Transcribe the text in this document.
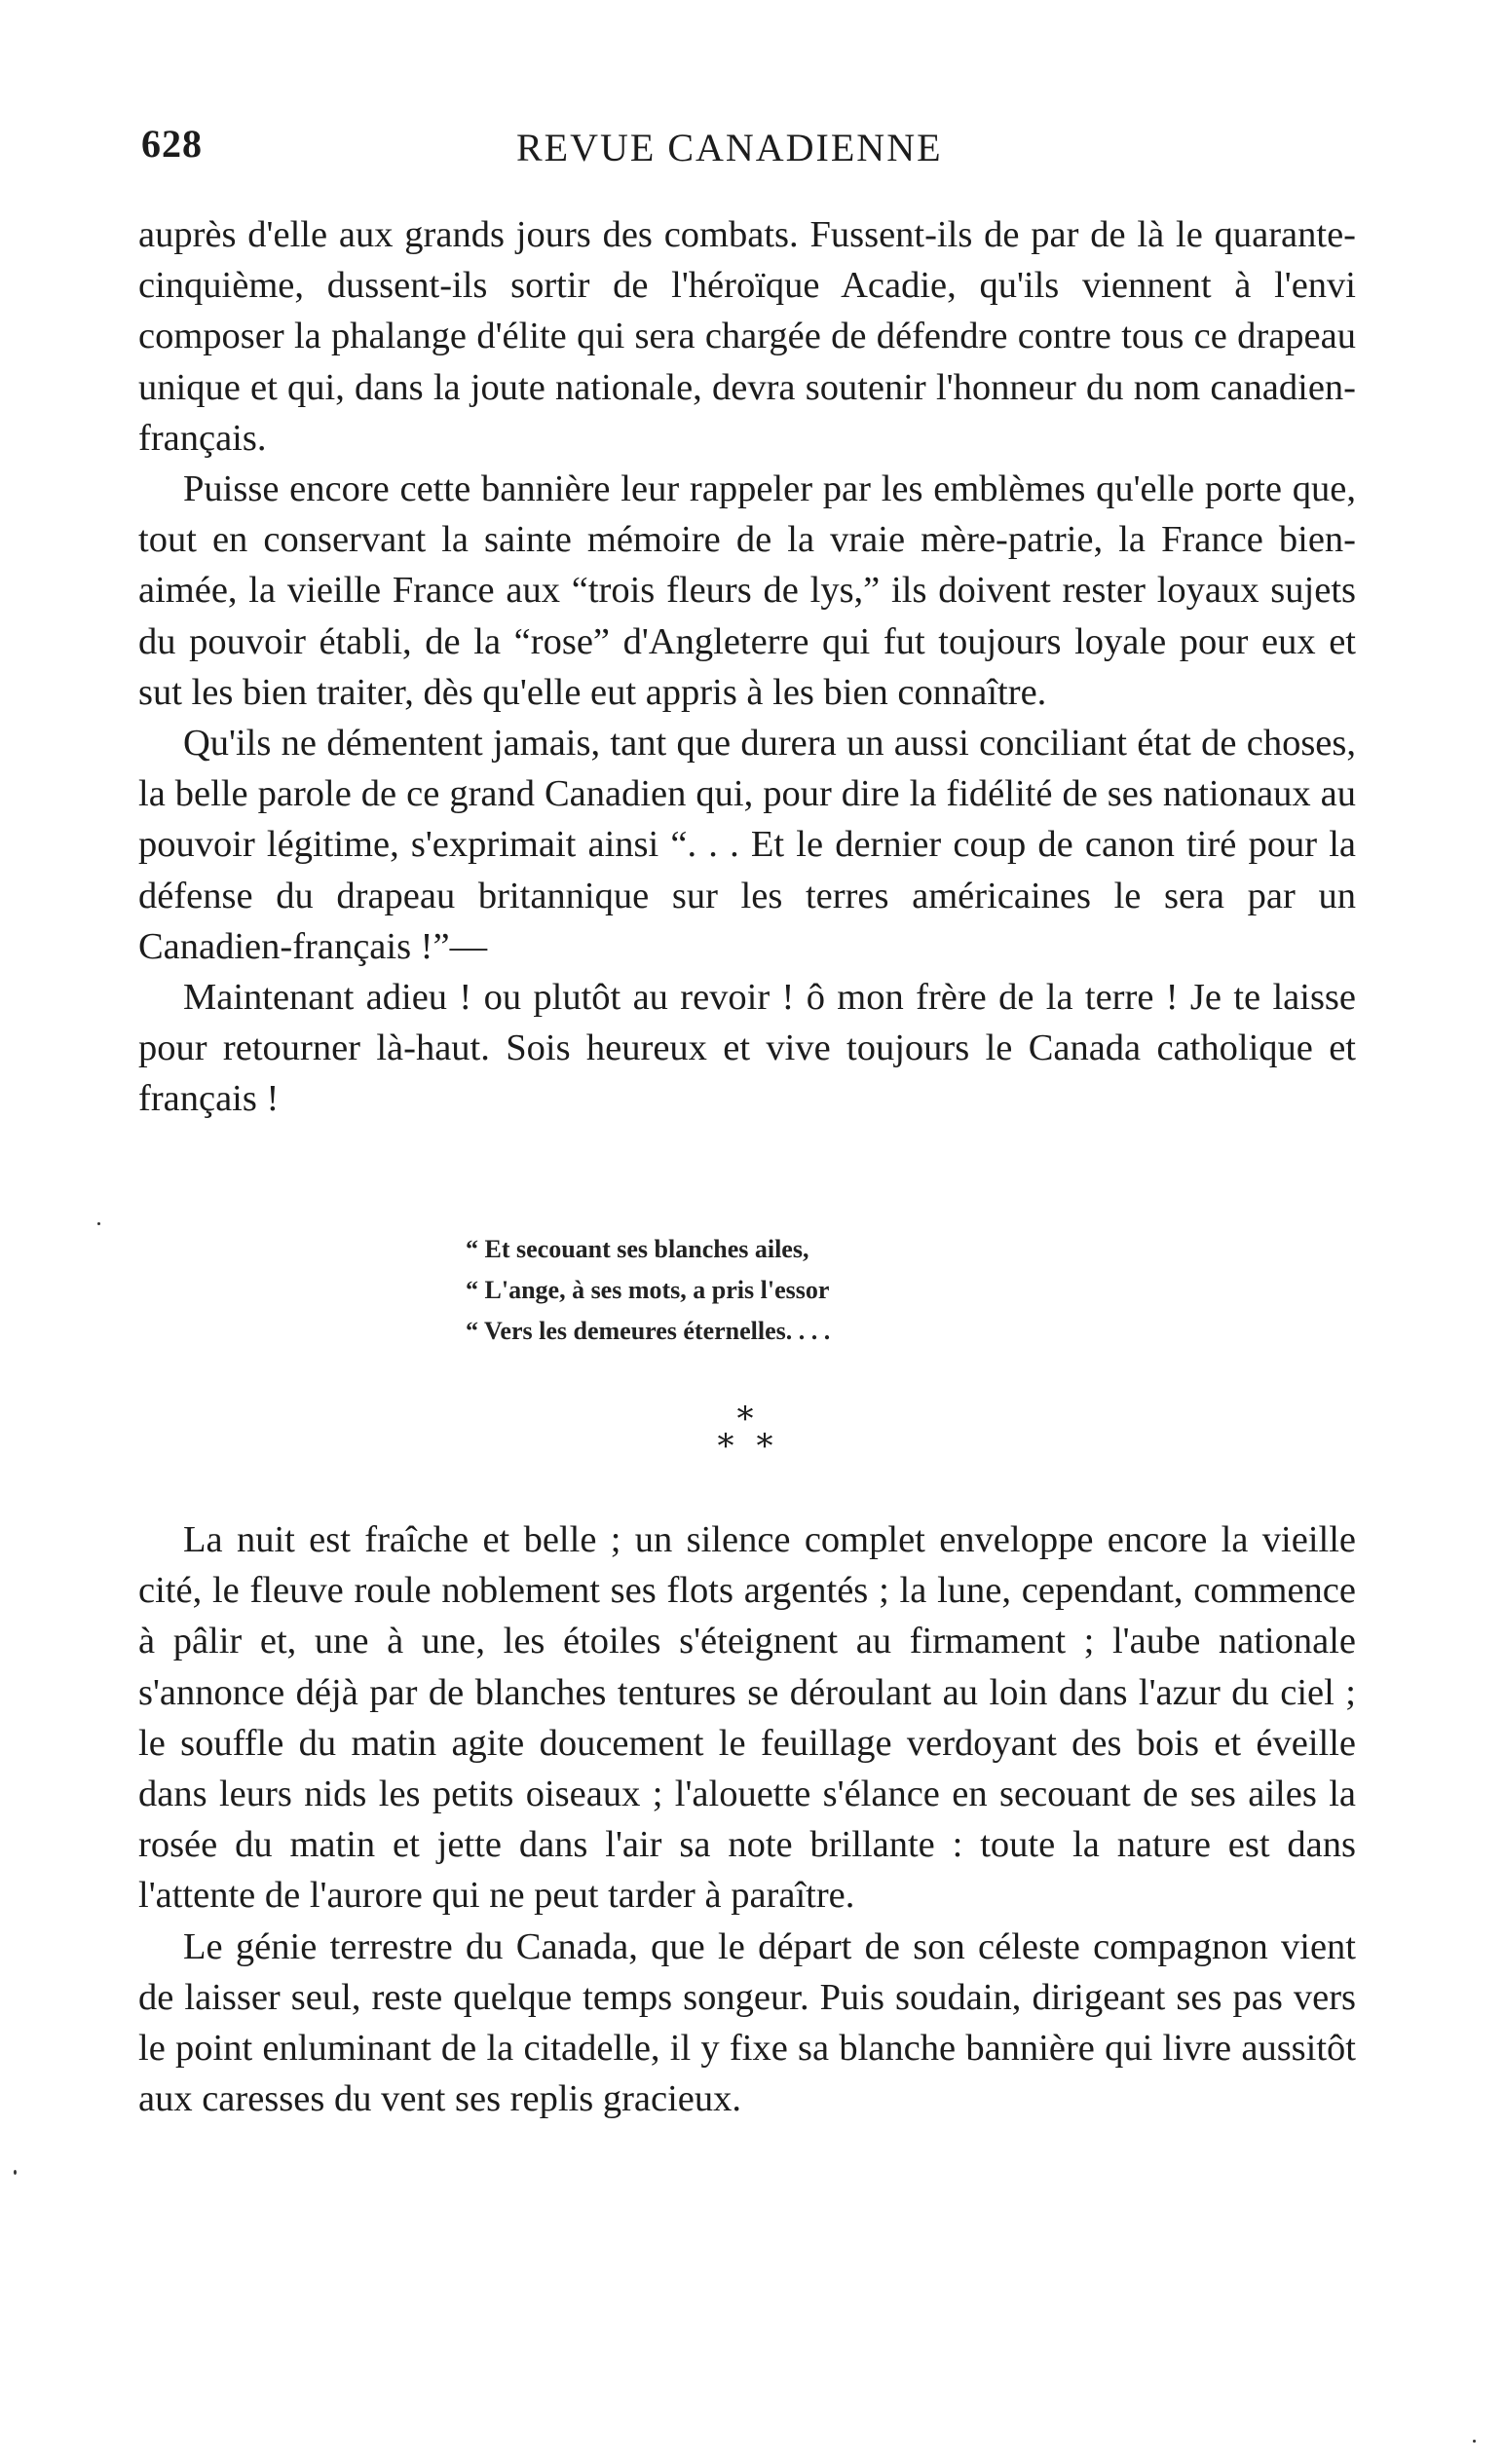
628	REVUE CANADIENNE

auprès d'elle aux grands jours des combats. Fussent-ils de par de là le quarante-cinquième, dussent-ils sortir de l'héroïque Acadie, qu'ils viennent à l'envi composer la phalange d'élite qui sera chargée de défendre contre tous ce drapeau unique et qui, dans la joute nationale, devra soutenir l'honneur du nom canadien-français.

Puisse encore cette bannière leur rappeler par les emblèmes qu'elle porte que, tout en conservant la sainte mémoire de la vraie mère-patrie, la France bien-aimée, la vieille France aux “trois fleurs de lys,” ils doivent rester loyaux sujets du pouvoir établi, de la “rose” d'Angleterre qui fut toujours loyale pour eux et sut les bien traiter, dès qu'elle eut appris à les bien connaître.

Qu'ils ne démentent jamais, tant que durera un aussi conciliant état de choses, la belle parole de ce grand Canadien qui, pour dire la fidélité de ses nationaux au pouvoir légitime, s'exprimait ainsi “. . . Et le dernier coup de canon tiré pour la défense du drapeau britannique sur les terres américaines le sera par un Canadien-français !”—

Maintenant adieu ! ou plutôt au revoir ! ô mon frère de la terre ! Je te laisse pour retourner là-haut. Sois heureux et vive toujours le Canada catholique et français !

“ Et secouant ses blanches ailes,
“ L'ange, à ses mots, a pris l'essor
“ Vers les demeures éternelles. . . .
*
* *

La nuit est fraîche et belle ; un silence complet enveloppe encore la vieille cité, le fleuve roule noblement ses flots argentés ; la lune, cependant, commence à pâlir et, une à une, les étoiles s'éteignent au firmament ; l'aube nationale s'annonce déjà par de blanches tentures se déroulant au loin dans l'azur du ciel ; le souffle du matin agite doucement le feuillage verdoyant des bois et éveille dans leurs nids les petits oiseaux ; l'alouette s'élance en secouant de ses ailes la rosée du matin et jette dans l'air sa note brillante : toute la nature est dans l'attente de l'aurore qui ne peut tarder à paraître.

Le génie terrestre du Canada, que le départ de son céleste compagnon vient de laisser seul, reste quelque temps songeur. Puis soudain, dirigeant ses pas vers le point enluminant de la citadelle, il y fixe sa blanche bannière qui livre aussitôt aux caresses du vent ses replis gracieux.
